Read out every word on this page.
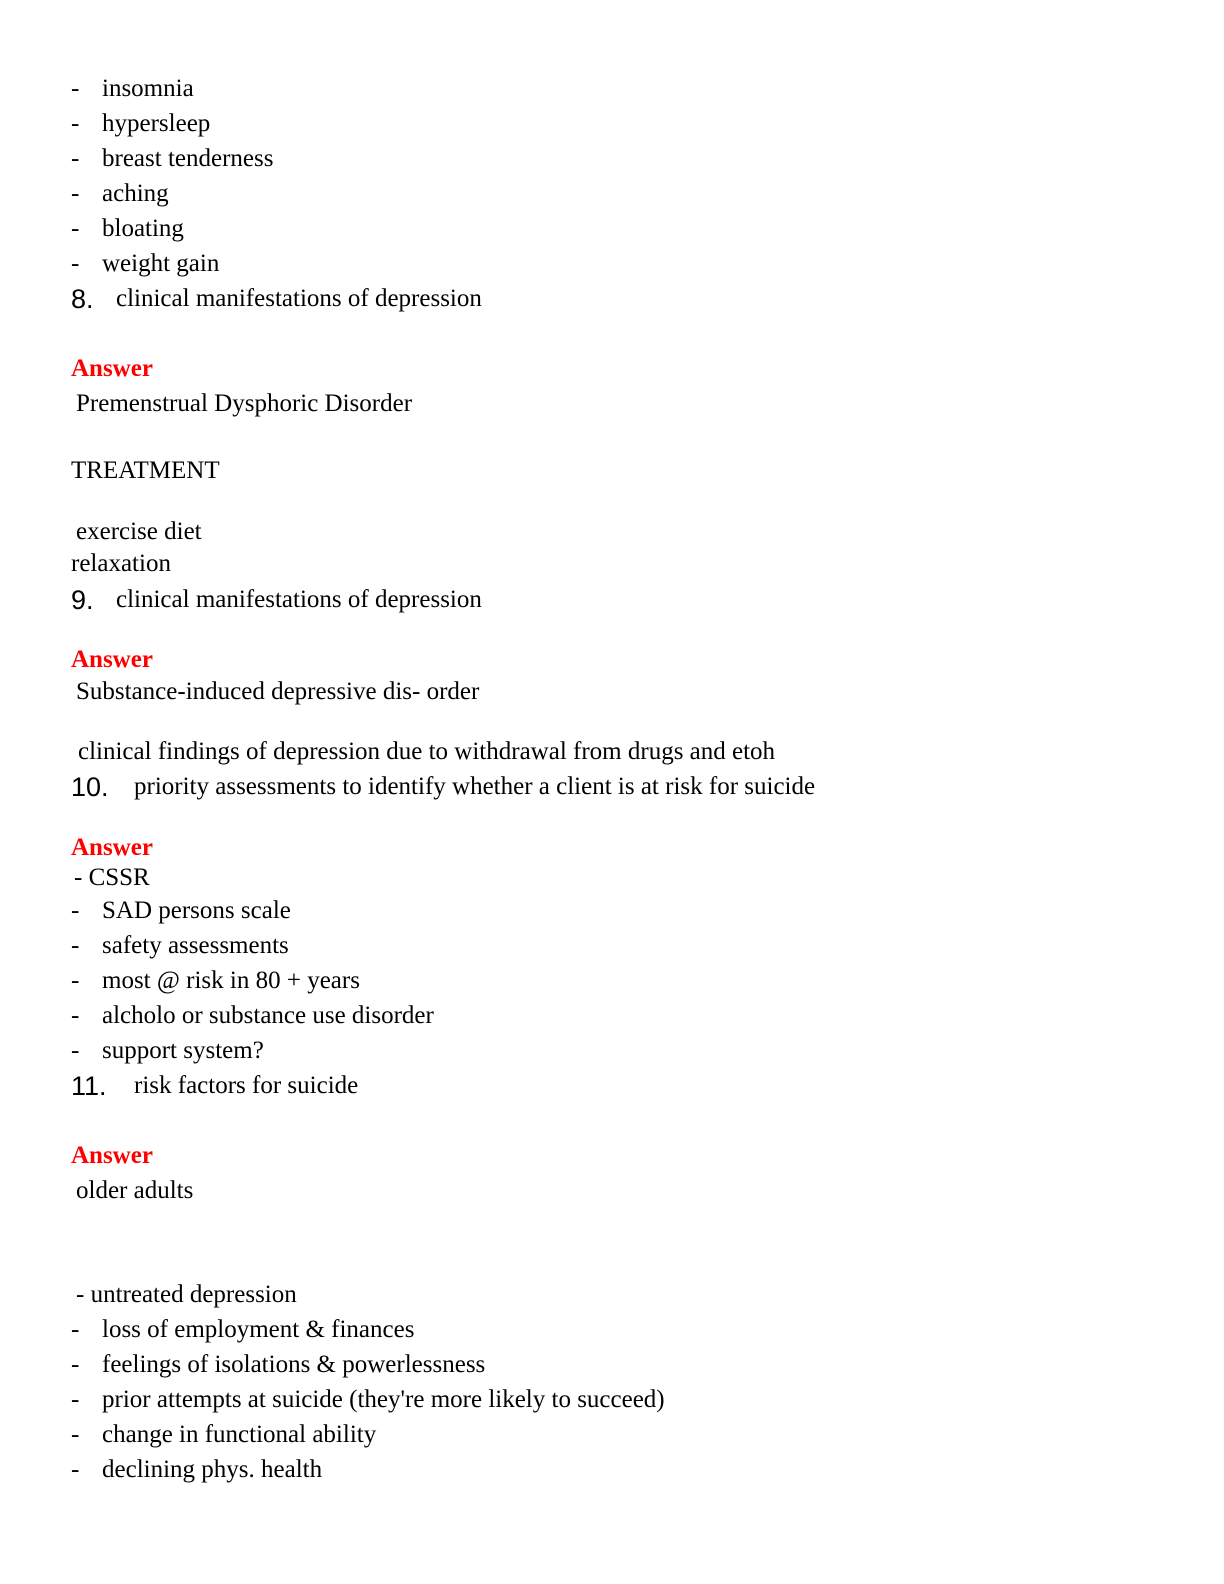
- insomnia
- hypersleep
- breast tenderness
- aching
- bloating
- weight gain
8. clinical manifestations of depression
Answer
Premenstrual Dysphoric Disorder
TREATMENT
exercise diet
relaxation
9. clinical manifestations of depression
Answer
Substance-induced depressive dis- order
clinical findings of depression due to withdrawal from drugs and etoh
10. priority assessments to identify whether a client is at risk for suicide
Answer
- CSSR
- SAD persons scale
- safety assessments
- most @ risk in 80 + years
- alcholo or substance use disorder
- support system?
11. risk factors for suicide
Answer
older adults
- untreated depression
- loss of employment & finances
- feelings of isolations & powerlessness
- prior attempts at suicide (they're more likely to succeed)
- change in functional ability
- declining phys. health
